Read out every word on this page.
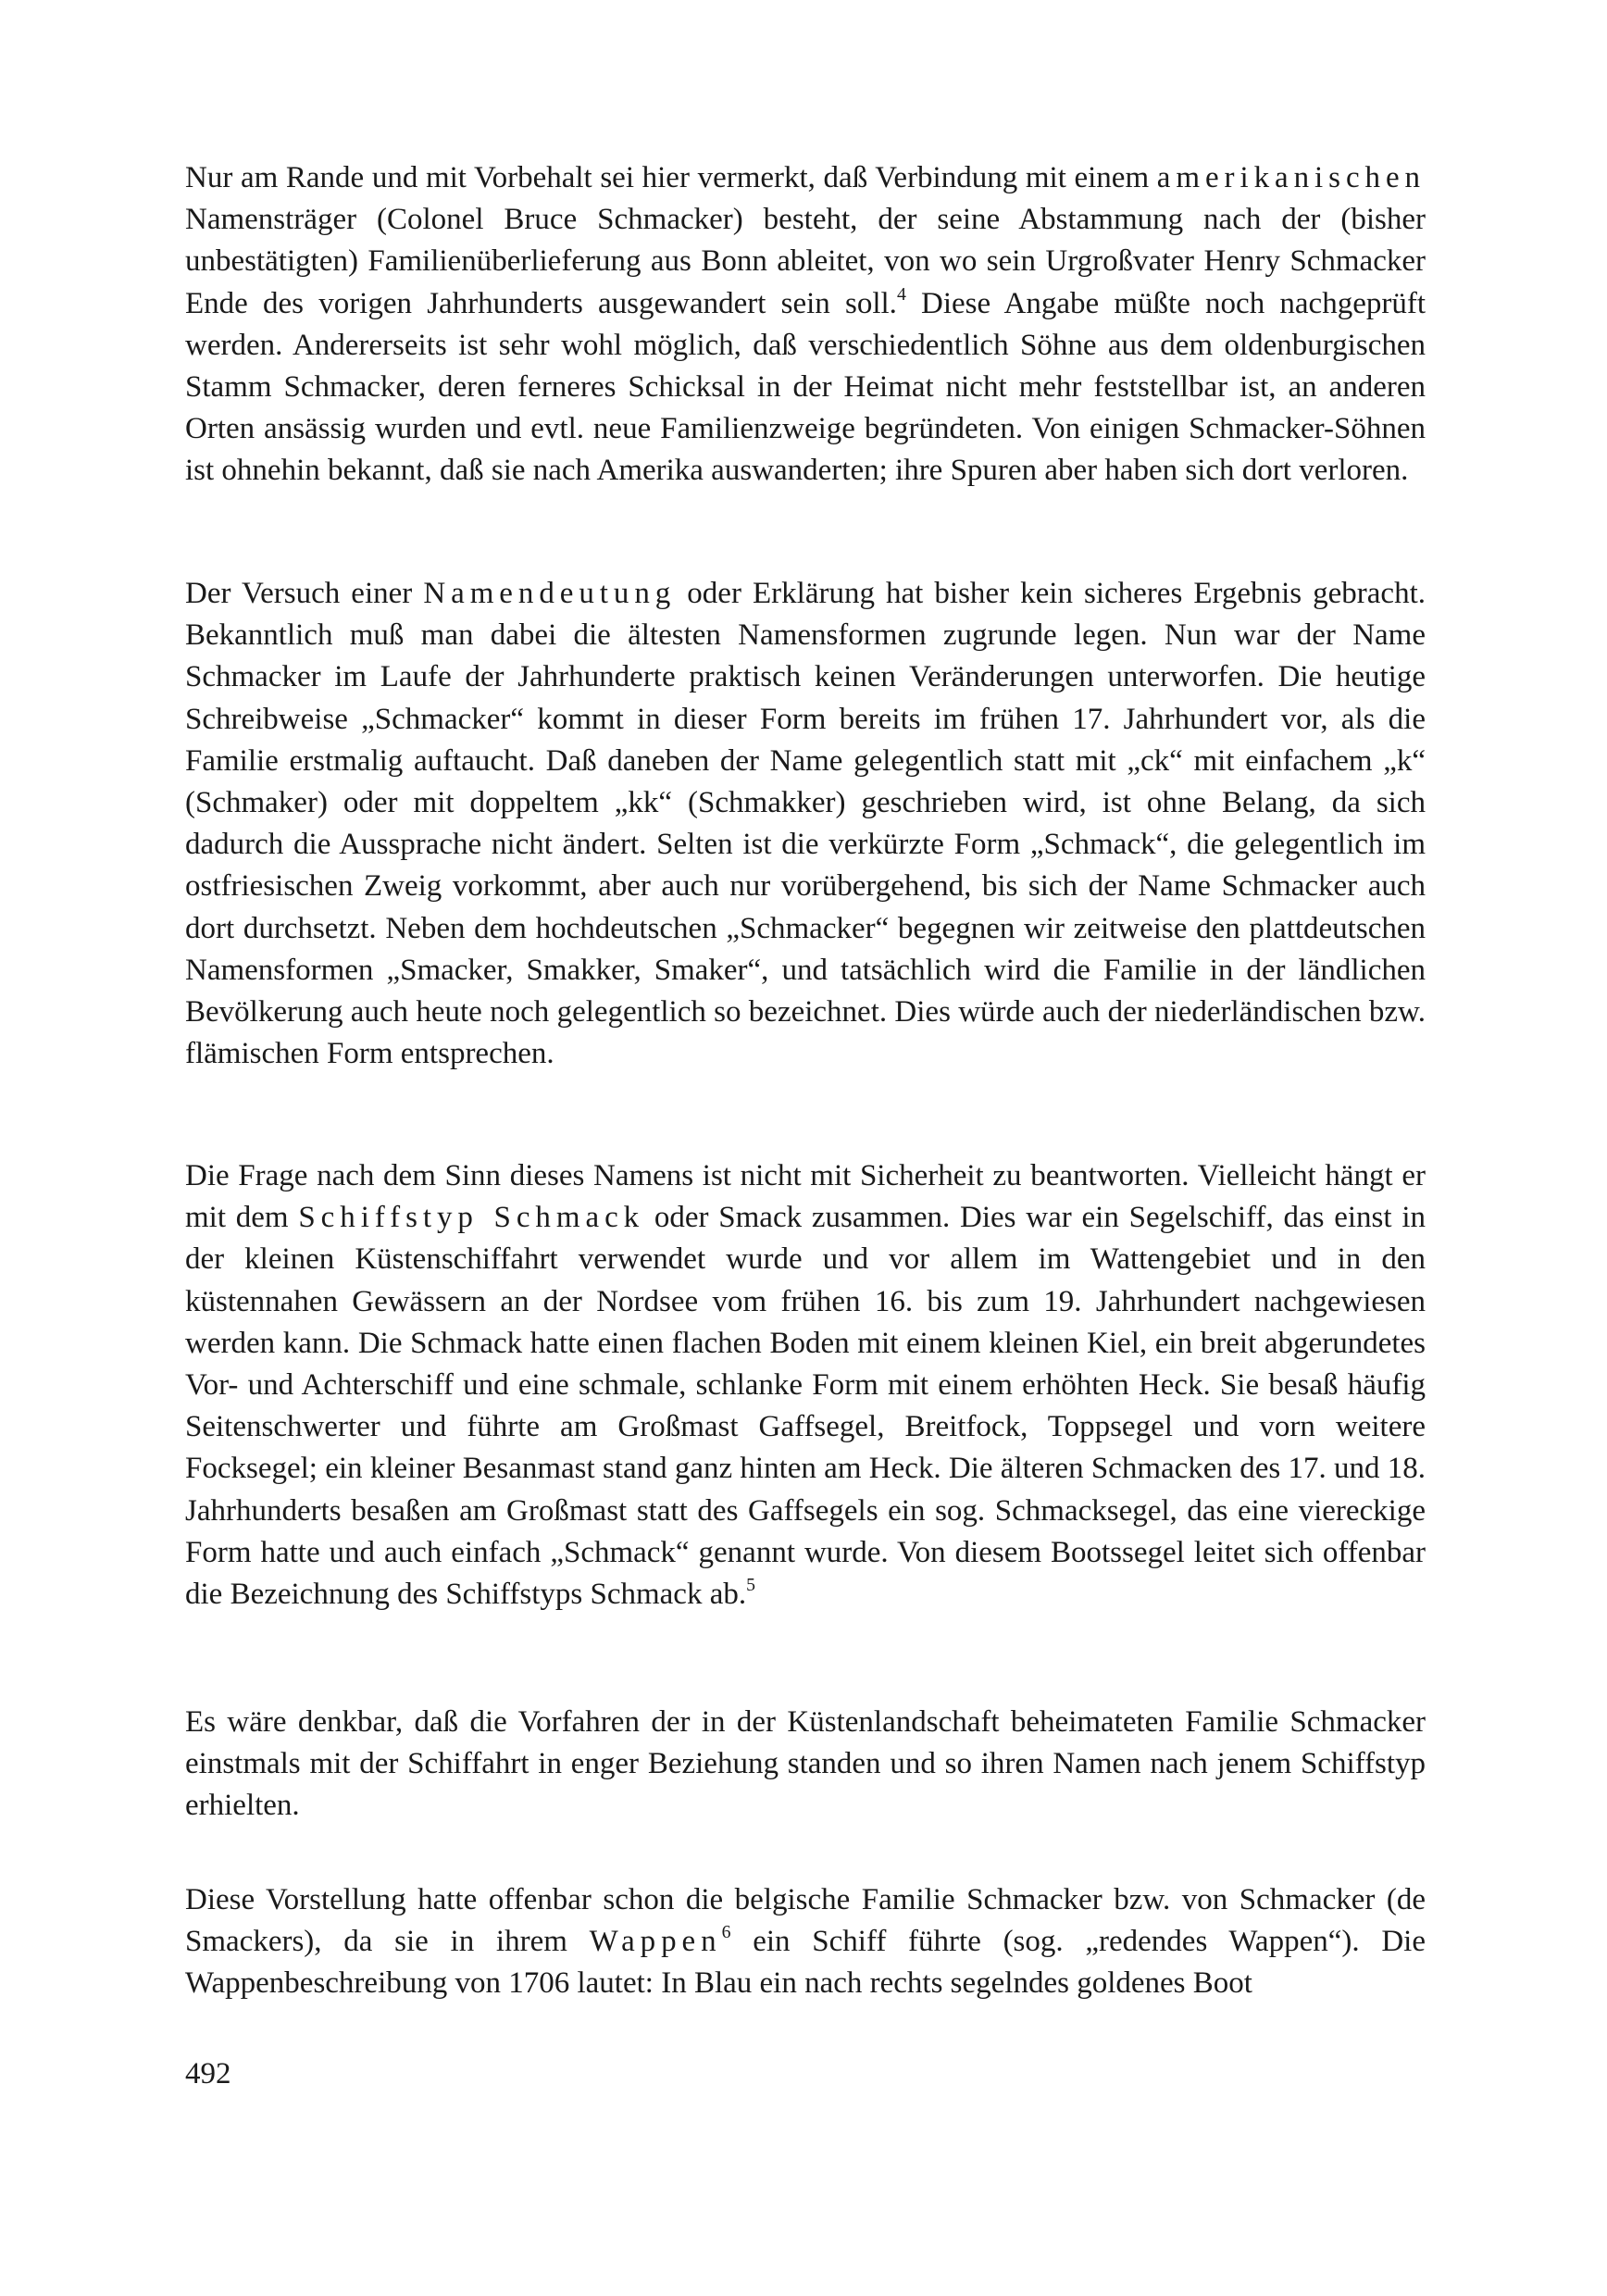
Nur am Rande und mit Vorbehalt sei hier vermerkt, daß Verbindung mit einem amerikanischen Namensträger (Colonel Bruce Schmacker) besteht, der seine Abstammung nach der (bisher unbestätigten) Familienüberlieferung aus Bonn ableitet, von wo sein Urgroßvater Henry Schmacker Ende des vorigen Jahrhunderts ausgewandert sein soll.$^4$ Diese Angabe müßte noch nachgeprüft werden. Andererseits ist sehr wohl möglich, daß verschiedentlich Söhne aus dem oldenburgischen Stamm Schmacker, deren ferneres Schicksal in der Heimat nicht mehr feststellbar ist, an anderen Orten ansässig wurden und evtl. neue Familienzweige begründeten. Von einigen Schmacker-Söhnen ist ohnehin bekannt, daß sie nach Amerika auswanderten; ihre Spuren aber haben sich dort verloren.

Der Versuch einer Namendeutung oder Erklärung hat bisher kein sicheres Ergebnis gebracht. Bekanntlich muß man dabei die ältesten Namensformen zugrunde legen. Nun war der Name Schmacker im Laufe der Jahrhunderte praktisch keinen Veränderungen unterworfen. Die heutige Schreibweise „Schmacker“ kommt in dieser Form bereits im frühen 17. Jahrhundert vor, als die Familie erstmalig auftaucht. Daß daneben der Name gelegentlich statt mit „ck“ mit einfachem „k“ (Schmaker) oder mit doppeltem „kk“ (Schmakker) geschrieben wird, ist ohne Belang, da sich dadurch die Aussprache nicht ändert. Selten ist die verkürzte Form „Schmack“, die gelegentlich im ostfriesischen Zweig vorkommt, aber auch nur vorübergehend, bis sich der Name Schmacker auch dort durchsetzt. Neben dem hochdeutschen „Schmacker“ begegnen wir zeitweise den plattdeutschen Namensformen „Smacker, Smakker, Smaker“, und tatsächlich wird die Familie in der ländlichen Bevölkerung auch heute noch gelegentlich so bezeichnet. Dies würde auch der niederländischen bzw. flämischen Form entsprechen.

Die Frage nach dem Sinn dieses Namens ist nicht mit Sicherheit zu beantworten. Vielleicht hängt er mit dem Schiffstyp Schmack oder Smack zusammen. Dies war ein Segelschiff, das einst in der kleinen Küstenschiffahrt verwendet wurde und vor allem im Wattengebiet und in den küstennahen Gewässern an der Nordsee vom frühen 16. bis zum 19. Jahrhundert nachgewiesen werden kann. Die Schmack hatte einen flachen Boden mit einem kleinen Kiel, ein breit abgerundetes Vor- und Achterschiff und eine schmale, schlanke Form mit einem erhöhten Heck. Sie besaß häufig Seitenschwerter und führte am Großmast Gaffsegel, Breitfock, Toppsegel und vorn weitere Focksegel; ein kleiner Besanmast stand ganz hinten am Heck. Die älteren Schmacken des 17. und 18. Jahrhunderts besaßen am Großmast statt des Gaffsegels ein sog. Schmacksegel, das eine viereckige Form hatte und auch einfach „Schmack“ genannt wurde. Von diesem Bootssegel leitet sich offenbar die Bezeichnung des Schiffstyps Schmack ab.$^5$

Es wäre denkbar, daß die Vorfahren der in der Küstenlandschaft beheimateten Familie Schmacker einstmals mit der Schiffahrt in enger Beziehung standen und so ihren Namen nach jenem Schiffstyp erhielten.

Diese Vorstellung hatte offenbar schon die belgische Familie Schmacker bzw. von Schmacker (de Smackers), da sie in ihrem Wappen$^6$ ein Schiff führte (sog. „redendes Wappen“). Die Wappenbeschreibung von 1706 lautet: In Blau ein nach rechts segelndes goldenes Boot

492
